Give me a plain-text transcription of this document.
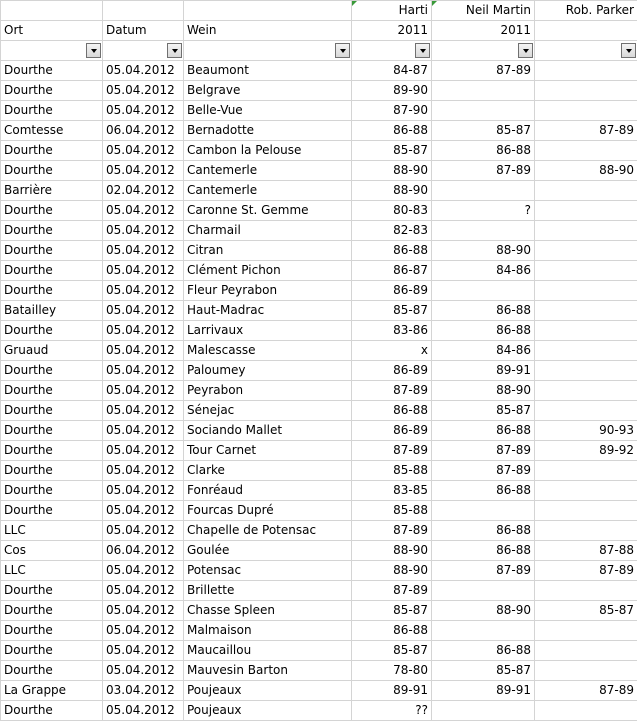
			Harti	Neil Martin	Rob. Parker
Ort	Datum	Wein	2011	2011	

Dourthe	05.04.2012	Beaumont	84-87	87-89	
Dourthe	05.04.2012	Belgrave	89-90		
Dourthe	05.04.2012	Belle-Vue	87-90		
Comtesse	06.04.2012	Bernadotte	86-88	85-87	87-89
Dourthe	05.04.2012	Cambon la Pelouse	85-87	86-88	
Dourthe	05.04.2012	Cantemerle	88-90	87-89	88-90
Barrière	02.04.2012	Cantemerle	88-90		
Dourthe	05.04.2012	Caronne St. Gemme	80-83	?	
Dourthe	05.04.2012	Charmail	82-83		
Dourthe	05.04.2012	Citran	86-88	88-90	
Dourthe	05.04.2012	Clément Pichon	86-87	84-86	
Dourthe	05.04.2012	Fleur Peyrabon	86-89		
Batailley	05.04.2012	Haut-Madrac	85-87	86-88	
Dourthe	05.04.2012	Larrivaux	83-86	86-88	
Gruaud	05.04.2012	Malescasse	x	84-86	
Dourthe	05.04.2012	Paloumey	86-89	89-91	
Dourthe	05.04.2012	Peyrabon	87-89	88-90	
Dourthe	05.04.2012	Sénejac	86-88	85-87	
Dourthe	05.04.2012	Sociando Mallet	86-89	86-88	90-93
Dourthe	05.04.2012	Tour Carnet	87-89	87-89	89-92
Dourthe	05.04.2012	Clarke	85-88	87-89	
Dourthe	05.04.2012	Fonréaud	83-85	86-88	
Dourthe	05.04.2012	Fourcas Dupré	85-88		
LLC	05.04.2012	Chapelle de Potensac	87-89	86-88	
Cos	06.04.2012	Goulée	88-90	86-88	87-88
LLC	05.04.2012	Potensac	88-90	87-89	87-89
Dourthe	05.04.2012	Brillette	87-89		
Dourthe	05.04.2012	Chasse Spleen	85-87	88-90	85-87
Dourthe	05.04.2012	Malmaison	86-88		
Dourthe	05.04.2012	Maucaillou	85-87	86-88	
Dourthe	05.04.2012	Mauvesin Barton	78-80	85-87	
La Grappe	03.04.2012	Poujeaux	89-91	89-91	87-89
Dourthe	05.04.2012	Poujeaux	??		
